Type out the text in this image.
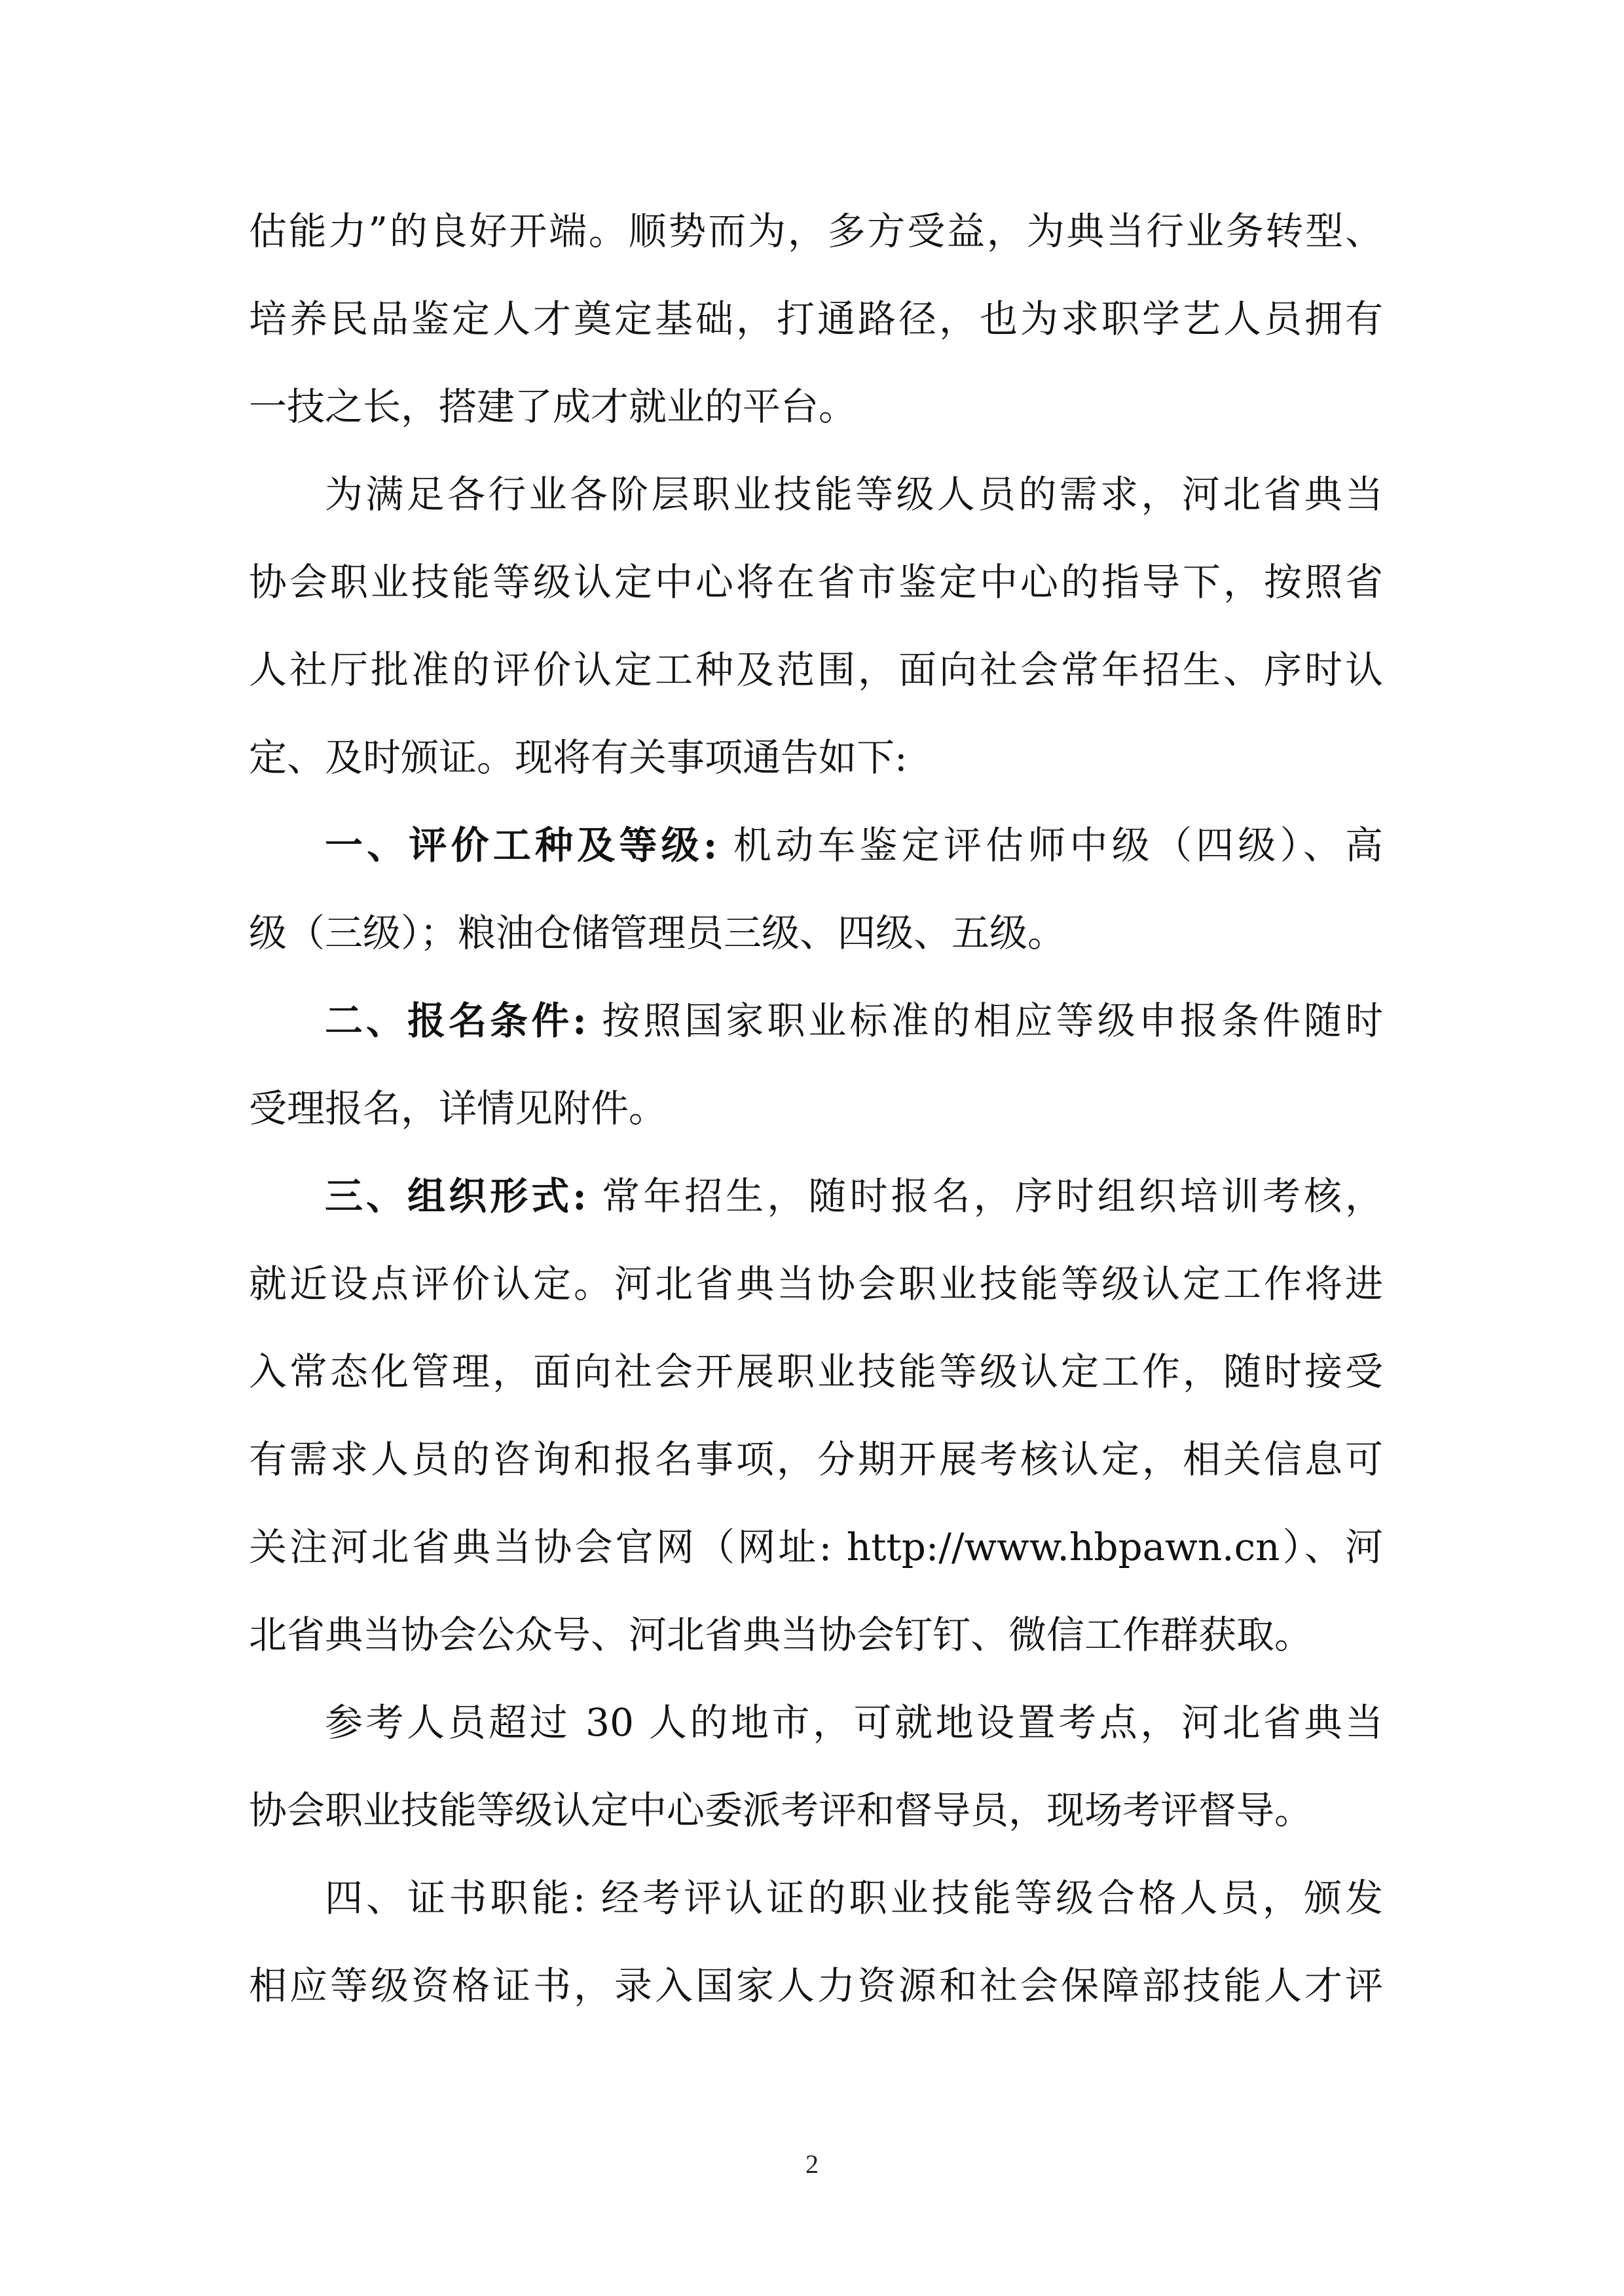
估能力”的良好开端。顺势而为，多方受益，为典当行业务转型、
培养民品鉴定人才奠定基础，打通路径，也为求职学艺人员拥有
一技之长，搭建了成才就业的平台。
为满足各行业各阶层职业技能等级人员的需求，河北省典当
协会职业技能等级认定中心将在省市鉴定中心的指导下，按照省
人社厅批准的评价认定工种及范围，面向社会常年招生、序时认
定、及时颁证。现将有关事项通告如下:
一、评价工种及等级: 机动车鉴定评估师中级（四级）、高
级（三级）；粮油仓储管理员三级、四级、五级。
二、报名条件: 按照国家职业标准的相应等级申报条件随时
受理报名，详情见附件。
三、组织形式: 常年招生，随时报名，序时组织培训考核，
就近设点评价认定。河北省典当协会职业技能等级认定工作将进
入常态化管理，面向社会开展职业技能等级认定工作，随时接受
有需求人员的咨询和报名事项，分期开展考核认定，相关信息可
关注河北省典当协会官网（网址: http://www.hbpawn.cn）、河
北省典当协会公众号、河北省典当协会钉钉、微信工作群获取。
参考人员超过 30 人的地市，可就地设置考点，河北省典当
协会职业技能等级认定中心委派考评和督导员，现场考评督导。
四、证书职能: 经考评认证的职业技能等级合格人员，颁发
相应等级资格证书，录入国家人力资源和社会保障部技能人才评
2
